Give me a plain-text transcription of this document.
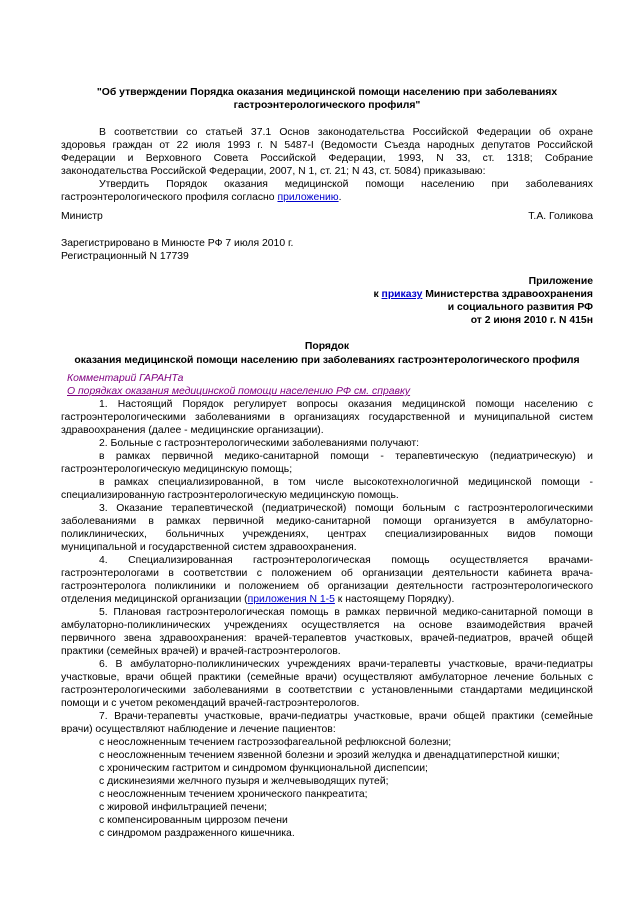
"Об утверждении Порядка оказания медицинской помощи населению при заболеваниях
гастроэнтерологического профиля"
В соответствии со статьей 37.1 Основ законодательства Российской Федерации об охране
здоровья граждан от 22 июля 1993 г. N 5487-I (Ведомости Съезда народных депутатов Российской
Федерации и Верховного Совета Российской Федерации, 1993, N 33, ст. 1318; Собрание
законодательства Российской Федерации, 2007, N 1, ст. 21; N 43, ст. 5084) приказываю:
Утвердить Порядок оказания медицинской помощи населению при заболеваниях
гастроэнтерологического профиля согласно приложению.
Министр	Т.А. Голикова
Зарегистрировано в Минюсте РФ 7 июля 2010 г.
Регистрационный N 17739
Приложение
к приказу Министерства здравоохранения
и социального развития РФ
от 2 июня 2010 г. N 415н
Порядок
оказания медицинской помощи населению при заболеваниях гастроэнтерологического профиля
Комментарий ГАРАНТа
О порядках оказания медицинской помощи населению РФ см. справку
1. Настоящий Порядок регулирует вопросы оказания медицинской помощи населению с
гастроэнтерологическими заболеваниями в организациях государственной и муниципальной систем
здравоохранения (далее - медицинские организации).
2. Больные с гастроэнтерологическими заболеваниями получают:
в рамках первичной медико-санитарной помощи - терапевтическую (педиатрическую) и
гастроэнтерологическую медицинскую помощь;
в рамках специализированной, в том числе высокотехнологичной медицинской помощи -
специализированную гастроэнтерологическую медицинскую помощь.
3. Оказание терапевтической (педиатрической) помощи больным с гастроэнтерологическими
заболеваниями в рамках первичной медико-санитарной помощи организуется в амбулаторно-
поликлинических, больничных учреждениях, центрах специализированных видов помощи
муниципальной и государственной систем здравоохранения.
4. Специализированная гастроэнтерологическая помощь осуществляется врачами-
гастроэнтерологами в соответствии с положением об организации деятельности кабинета врача-
гастроэнтеролога поликлиники и положением об организации деятельности гастроэнтерологического
отделения медицинской организации (приложения N 1-5 к настоящему Порядку).
5. Плановая гастроэнтерологическая помощь в рамках первичной медико-санитарной помощи в
амбулаторно-поликлинических учреждениях осуществляется на основе взаимодействия врачей
первичного звена здравоохранения: врачей-терапевтов участковых, врачей-педиатров, врачей общей
практики (семейных врачей) и врачей-гастроэнтерологов.
6. В амбулаторно-поликлинических учреждениях врачи-терапевты участковые, врачи-педиатры
участковые, врачи общей практики (семейные врачи) осуществляют амбулаторное лечение больных с
гастроэнтерологическими заболеваниями в соответствии с установленными стандартами медицинской
помощи и с учетом рекомендаций врачей-гастроэнтерологов.
7. Врачи-терапевты участковые, врачи-педиатры участковые, врачи общей практики (семейные
врачи) осуществляют наблюдение и лечение пациентов:
с неосложненным течением гастроэзофагеальной рефлюксной болезни;
с неосложненным течением язвенной болезни и эрозий желудка и двенадцатиперстной кишки;
с хроническим гастритом и синдромом функциональной диспепсии;
с дискинезиями желчного пузыря и желчевыводящих путей;
с неосложненным течением хронического панкреатита;
с жировой инфильтрацией печени;
с компенсированным циррозом печени
с синдромом раздраженного кишечника.
